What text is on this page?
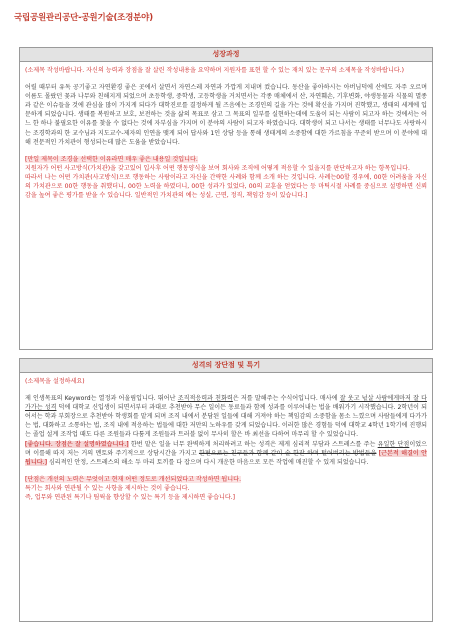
국립공원관리공단-공원기술(조경분야)
성장과정

(소제목 작성바랍니다. 자신의 능력과 장점을 잘 살린 작성내용을 요약하며 지원자를 표현 할 수 있는 재치 있는 문구의 소제목을 작성바랍니다.)

어릴 때부터 유독 공기좋고 자연환경 좋은 곳에서 살면서 자연스레 자연과 가깝게 지내며 컸습니다. 동산을 좋아하시는 아버님덕에 산에도 자주 오르며 이름도 몰랐던 꽃과 나무와 친해지게 되었으며 초등학생, 중학생, 고등학생을 거치면서는 각종 매체에서 산, 자연훼손, 기후변화, 야생동물과 식물의 멸종과 같은 이슈들을 것에 관심을 많이 가지게 되다가 대학진로를 결정하게 될 즈음에는 조경인의 길을 가는 것에 확신을 가지며 진학했고, 생태의 세계에 입문하게 되었습니다. 생태를 복원하고 보호, 보전하는 것을 삶의 목표로 삼고 그 목표의 일부를 실현하는데에 도움이 되는 사람이 되고자 하는 것에서는 어느 한 하나 불필요한 이유를 찾을 수 없다는 것에 자부심을 가지며 이 분야의 사람이 되고자 하였습니다. 대학생이 되고 나서는 생태를 너무나도 사랑하시는 조경학과의 한 교수님과 지도교수-제자의 인연을 맺게 되어 답사와 1인 상담 등을 통해 생태계의 소중함에 대한 가르침을 꾸준히 받으며 이 분야에 대해 전문적인 가치관이 형성되는데 많은 도움을 받았습니다.

[만일 제목이 조경을 선택한 이유라면 매우 좋은 내용일 것입니다.
지원자가 어떤 사고방식(가치관)을 갖고있어 입사후 어떤 행동양식을 보여 회사와 조직에 어떻게 적응할 수 있을지를 판단하고자 하는 항목입니다.
따라서 나는 어떤 가치관(사고방식)으로 행동하는 사람이라고 자신을 간략한 사례와 함께 소개 하는 것입니다. 사례는00할 경우에, 00한 어려움을 자신의 가치관으로 00한 행동을 취했더니, 00한 노력을 하였더니, 00한 성과가 있었다, 00의 교훈을 얻었다는 등 마틱시절 사례를 중심으로 설명하면 신뢰감을 높여 좋은 평가를 받을 수 있습니다. 일반적인 가치관의 예는 성실, 근면, 정직, 책임감 등이 있습니다.]

성격의 장단점 및 특기

(소제목을 설정하세요)

제 인생목표의 Keyword는 열정과 어울림입니다. 뛰어난 조직적응력과 친화력은 저를 말해주는 수식어입니다. 매사에 잘 웃고 넋살 사람에게마저 잘 다가가는 성격 덕에 대학교 신입생이 되면서부터 과대로 추천받아 무슨 일이든 동료들과 함께 성과를 이루어내는 법을 배워가기 시작했습니다. 2학년이 되어서는 학과 부회장으로 추천받아 학생회를 맡게 되며 조직 내에서 분담된 일들에 대해 거져야 하는 책임감의 소중함을 몸소 느꼈으며 사람들에게 다가가는 법, 대화하고 소통하는 법, 조직 내에 적응하는 법들에 대한 저만의 노하우를 갖게 되었습니다. 이러한 많은 경험들 덕에 대학교 4학년 1학기에 진행되는 졸업 설계 조작업 때도 다른 조원들과 다툼게 조원들과 트러블 없이 무사히 할은 바 최선을 다하여 마무리 할 수 있었습니다.
[좋습니다. 장점은 잘 설명하였습니다.] 한번 맡은 일을 너무 완벽하게 처리하려고 하는 성격은 제게 심리적 부담과 스트레스를 주는 유일한 단점이었으며 이를해 따지 저는 거의 멘토와 주기적으로 상담시간을 가지고 한편으로는 친구들과 함께 갈이 술 한잔 하며 털어버리는 방법들을 [근본적 해결이 안 됩니다.] 심리적인 안정, 스트레스의 해소 두 마리 토끼를 다 잡으며 다시 개운한 마음으로 모든 작업에 매진할 수 있게 되었습니다.

[단점은 개선의 노력은 무엇이고 현재 어떤 정도로 개선되었다고 작성하면 됩니다.
특기는 회사와 연관될 수 있는 사항을 제시하는 것이 좋습니다.
즉, 업무와 연관된 특기나 팀웍을 향상할 수 있는 특기 등을 제시하면 좋습니다.]
